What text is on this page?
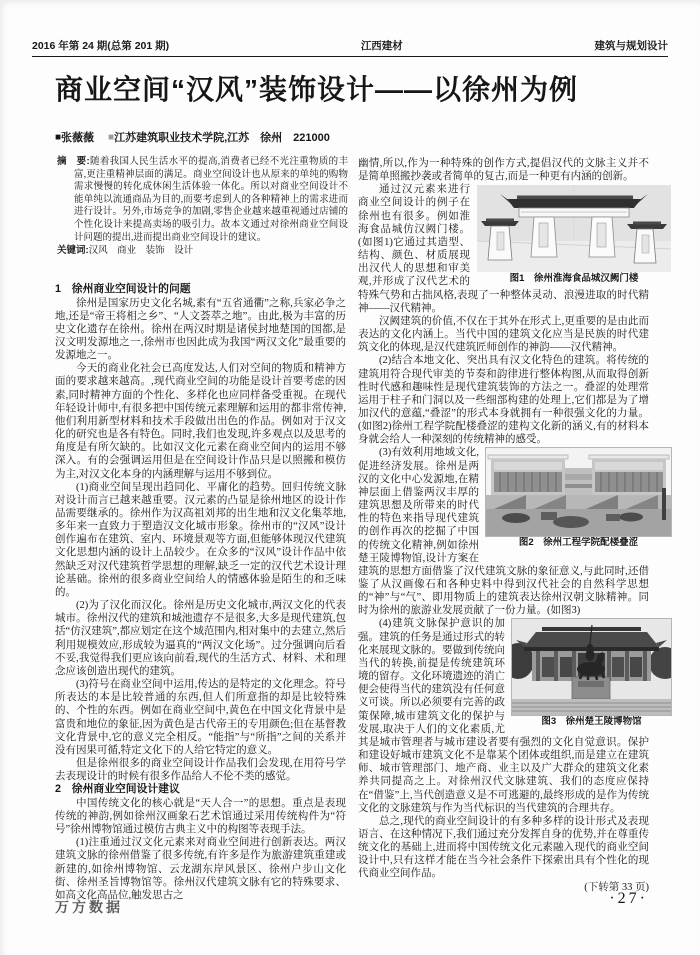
2016 年第 24 期(总第 201 期)	江西建材	建筑与规划设计
商业空间“汉风”装饰设计——以徐州为例
■张薇薇 ■江苏建筑职业技术学院,江苏　徐州　221000

摘　要:随着我国人民生活水平的提高,消费者已经不光注重物质的丰富,更注重精神层面的满足。商业空间设计也从原来的单纯的购物需求慢慢的转化成休闲生活体验一体化。所以对商业空间设计不能单纯以流通商品为目的,而要考虑到人的各种精神上的需求进而进行设计。另外,市场竞争的加剧,零售企业越来越重视通过店铺的个性化设计来提高卖场的吸引力。故本文通过对徐州商业空间设计问题的提出,进而提出商业空间设计的建议。

关键词:汉风　商业　装饰　设计

1　徐州商业空间设计的问题

徐州是国家历史文化名城,素有“五省通衢”之称,兵家必争之地,还是“帝王将相之乡”、“人文荟萃之地”。由此,极为丰富的历史文化遗存在徐州。徐州在两汉时期是诸侯封地楚国的国都,是汉文明发源地之一,徐州市也因此成为我国“两汉文化”最重要的发源地之一。

今天的商业化社会已高度发达,人们对空间的物质和精神方面的要求越来越高。,现代商业空间的功能是设计首要考虑的因素,同时精神方面的个性化、多样化也应同样备受重视。在现代年轻设计师中,有很多把中国传统元素理解和运用的都非常传神,他们利用新型材料和技术手段做出出色的作品。例如对于汉文化的研究也是各有特色。同时,我们也发现,许多观点以及思考的角度是有所欠缺的。比如汉文化元素在商业空间内的运用不够深入。有的会强调运用但是在空间设计作品只是以照搬和模仿为主,对汉文化本身的内涵理解与运用不够到位。

(1)商业空间呈现出趋同化、平庸化的趋势。回归传统文脉对设计而言已越来越重要。汉元素的凸显是徐州地区的设计作品需要继承的。徐州作为汉高祖刘邦的出生地和汉文化集萃地,多年来一直致力于塑造汉文化城市形象。徐州市的“汉风”设计创作遍布在建筑、室内、环境景观等方面,但能够体现汉代建筑文化思想内涵的设计上品较少。在众多的“汉风”设计作品中依然缺乏对汉代建筑哲学思想的理解,缺乏一定的汉代艺术设计理论基础。徐州的很多商业空间给人的情感体验是陌生的和乏味的。

(2)为了汉化而汉化。徐州是历史文化城市,两汉文化的代表城市。徐州汉代的建筑和城池遗存不是很多,大多是现代建筑,包括“仿汉建筑”,都应划定在这个域范围内,相对集中的去建立,然后利用规模效应,形成较为逼真的“两汉文化场”。过分强调向后看不妥,我觉得我们更应该向前看,现代的生活方式、材料、术和理念应该创造出现代的建筑。

(3)符号在商业空间中运用,传达的是特定的文化理念。符号所表达的本是比较普通的东西,但人们所意指的却是比较特殊的、个性的东西。例如在商业空间中,黄色在中国文化背景中是富贵和地位的象征,因为黄色是古代帝王的专用颜色;但在基督教文化背景中,它的意义完全相反。“能指”与“所指”之间的关系并没有因果可循,特定文化下的人给它特定的意义。

但是徐州很多的商业空间设计作品我们会发现,在用符号学去表现设计的时候有很多作品给人不伦不类的感觉。

2　徐州商业空间设计建议

中国传统文化的核心就是“天人合一”的思想。重点是表现传统的神韵,例如徐州汉画象石艺术馆通过采用传统构件为“符号”徐州博物馆通过模仿古典主义中的构图等表现手法。

(1)注重通过汉文化元素来对商业空间进行创新表达。两汉建筑文脉的徐州借鉴了很多传统,有许多是作为旅游建筑重建或新建的,如徐州博物馆、云龙湖东岸风景区、徐州户步山文化街、徐州圣旨博物馆等。徐州汉代建筑文脉有它的特殊要求、如高文化高品位,触发思古之

幽情,所以,作为一种特殊的创作方式,提倡汉代的文脉主义并不是简单照搬抄袭或者简单的复古,而是一种更有内涵的创新。

图1　徐州淮海食品城汉阙门楼
通过汉元素来进行商业空间设计的例子在徐州也有很多。例如淮海食品城仿汉阙门楼。(如图1)它通过其造型、结构、颜色、材质展现出汉代人的思想和审美观,并形成了汉代艺术的特殊气势和古拙风格,表现了一种整体灵动、浪漫进取的时代精神——汉代精神。

汉阙建筑的价值,不仅在于其外在形式上,更重要的是由此而表达的文化内涵上。当代中国的建筑文化应当是民族的时代建筑文化的体现,是汉代建筑匠师创作的神韵——汉代精神。

(2)结合本地文化、突出具有汉文化特色的建筑。将传统的建筑用符合现代审美的节奏和韵律进行整体构图,从而取得创新性时代感和趣味性是现代建筑装饰的方法之一。叠涩的处理常运用于柱子和门洞以及一些细部构建的处理上,它们都是为了增加汉代的意蕴,“叠涩”的形式本身就拥有一种很强文化的力量。(如图2)徐州工程学院配楼叠涩的建构文化新的涵义,有的材料本身就会给人一种深刻的传统精神的感受。

图2　徐州工程学院配楼叠涩
(3)有效利用地域文化,促进经济发展。徐州是两汉的文化中心发源地,在精神层面上借鉴两汉丰厚的建筑思想及所带来的时代性的特色来指导现代建筑的创作再次的挖掘了中国的传统文化精神,例如徐州楚王陵博物馆,设计方案在建筑的思想方面借鉴了汉代建筑文脉的象征意义,与此同时,还借鉴了从汉画像石和各种史料中得到汉代社会的自然科学思想的“神”与“气”、即用物质上的建筑表达徐州汉朝文脉精神。同时为徐州的旅游业发展贡献了一份力量。(如图3)

图3　徐州楚王陵博物馆
(4)建筑文脉保护意识的加强。建筑的任务是通过形式的转化来展现文脉的。要做到传统向当代的转换,前提是传统建筑环境的留存。文化环境遗迹的消亡便会使得当代的建筑没有任何意义可谈。所以必须要有完善的政策保障,城市建筑文化的保护与发展,取决于人们的文化素质,尤其是城市管理者与城市建设者要有强烈的文化自觉意识。保护和建设好城市建筑文化不是靠某个团体或组织,而是建立在建筑师、城市管理部门、地产商、业主以及广大群众的建筑文化素养共同提高之上。对徐州汉代文脉建筑、我们的态度应保持在“借鉴”上,当代创造意义是不可逃避的,最终形成的是作为传统文化的文脉建筑与作为当代标识的当代建筑的合理共存。

总之,现代的商业空间设计的有多种多样的设计形式及表现语言、在这种情况下,我们通过充分发挥自身的优势,并在尊重传统文化的基础上,进而将中国传统文化元素融入现代的商业空间设计中,只有这样才能在当今社会条件下探索出具有个性化的现代商业空间作品。

(下转第 33 页)

·27·
万方数据
